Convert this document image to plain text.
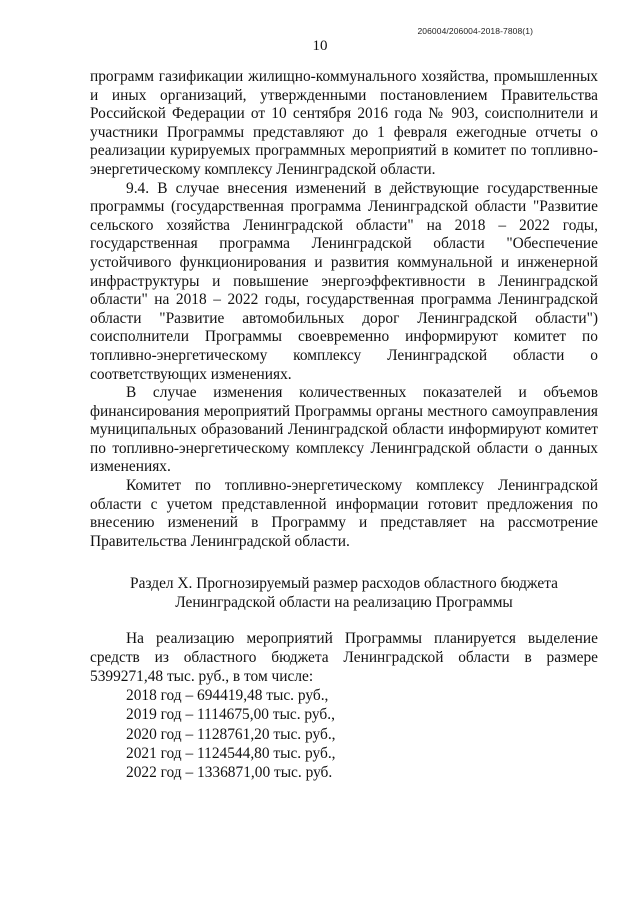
206004/206004-2018-7808(1)
10

программ газификации жилищно-коммунального хозяйства, промышленных и иных организаций, утвержденными постановлением Правительства Российской Федерации от 10 сентября 2016 года № 903, соисполнители и участники Программы представляют до 1 февраля ежегодные отчеты о реализации курируемых программных мероприятий в комитет по топливно-энергетическому комплексу Ленинградской области.

9.4. В случае внесения изменений в действующие государственные программы (государственная программа Ленинградской области "Развитие сельского хозяйства Ленинградской области" на 2018 – 2022 годы, государственная программа Ленинградской области "Обеспечение устойчивого функционирования и развития коммунальной и инженерной инфраструктуры и повышение энергоэффективности в Ленинградской области" на 2018 – 2022 годы, государственная программа Ленинградской области "Развитие автомобильных дорог Ленинградской области") соисполнители Программы своевременно информируют комитет по топливно-энергетическому комплексу Ленинградской области о соответствующих изменениях.

В случае изменения количественных показателей и объемов финансирования мероприятий Программы органы местного самоуправления муниципальных образований Ленинградской области информируют комитет по топливно-энергетическому комплексу Ленинградской области о данных изменениях.

Комитет по топливно-энергетическому комплексу Ленинградской области с учетом представленной информации готовит предложения по внесению изменений в Программу и представляет на рассмотрение Правительства Ленинградской области.

Раздел X. Прогнозируемый размер расходов областного бюджета
Ленинградской области на реализацию Программы

На реализацию мероприятий Программы планируется выделение средств из областного бюджета Ленинградской области в размере 5399271,48 тыс. руб., в том числе:

2018 год – 694419,48 тыс. руб.,
2019 год – 1114675,00 тыс. руб.,
2020 год – 1128761,20 тыс. руб.,
2021 год – 1124544,80 тыс. руб.,
2022 год – 1336871,00 тыс. руб.
